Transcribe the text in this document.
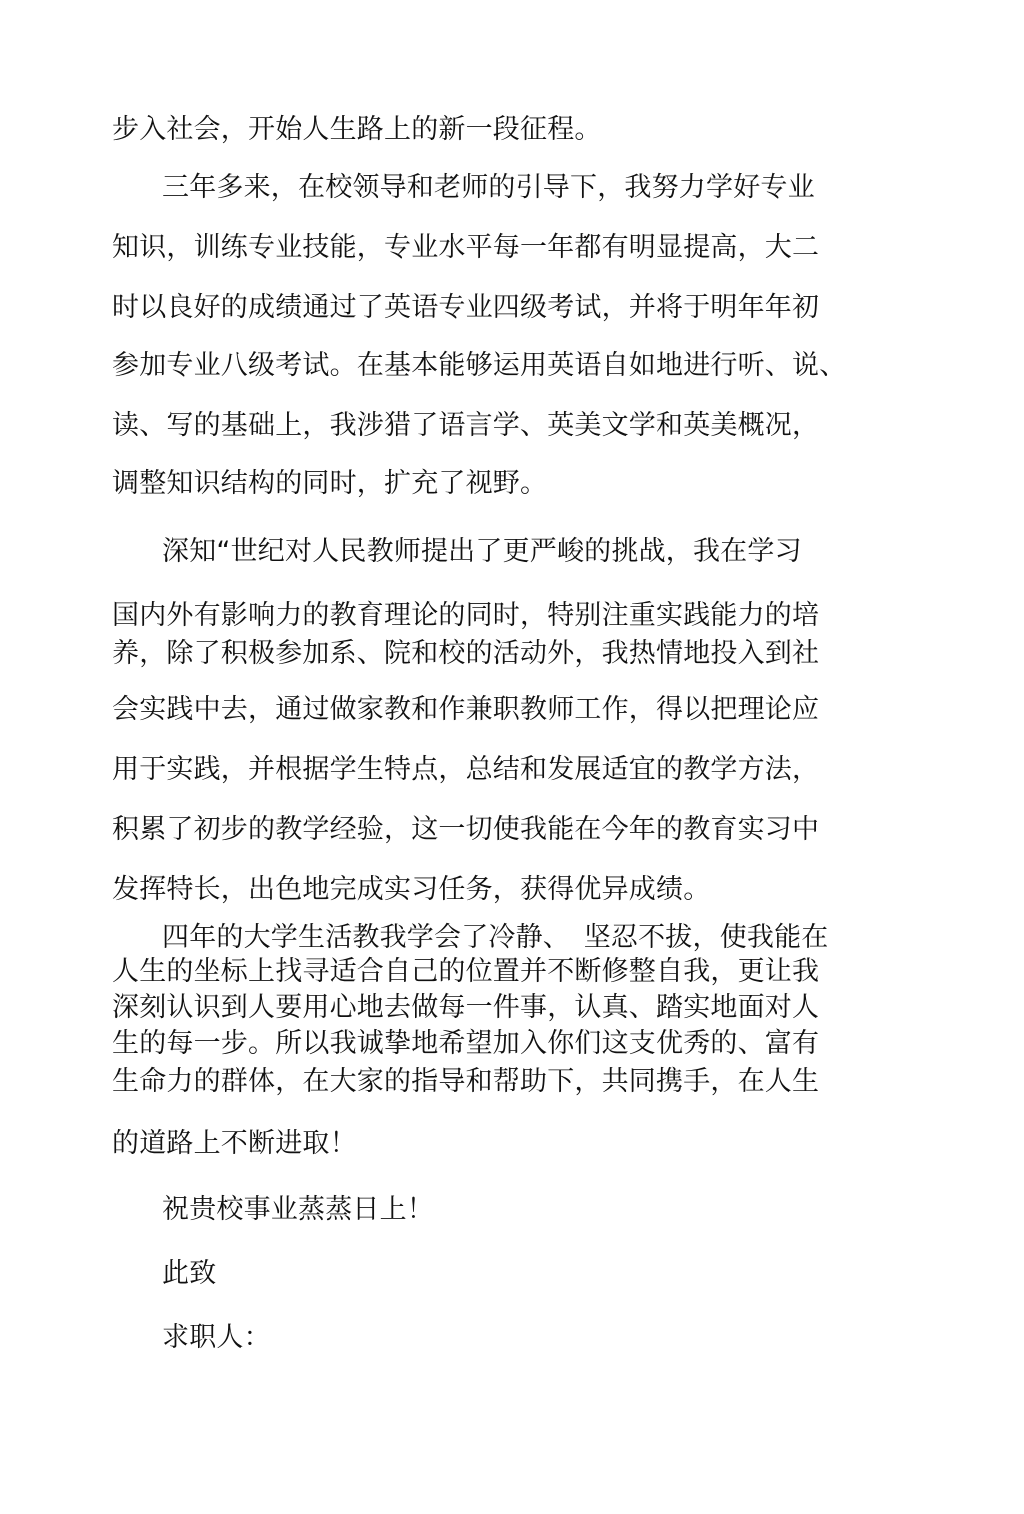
步入社会，开始人生路上的新一段征程。
三年多来，在校领导和老师的引导下，我努力学好专业
知识，训练专业技能，专业水平每一年都有明显提高，大二
时以良好的成绩通过了英语专业四级考试，并将于明年年初
参加专业八级考试。在基本能够运用英语自如地进行听、说、
读、写的基础上，我涉猎了语言学、英美文学和英美概况，
调整知识结构的同时，扩充了视野。
深知“世纪对人民教师提出了更严峻的挑战，我在学习
国内外有影响力的教育理论的同时，特别注重实践能力的培
养，除了积极参加系、院和校的活动外，我热情地投入到社
会实践中去，通过做家教和作兼职教师工作，得以把理论应
用于实践，并根据学生特点，总结和发展适宜的教学方法，
积累了初步的教学经验，这一切使我能在今年的教育实习中
发挥特长，出色地完成实习任务，获得优异成绩。
四年的大学生活教我学会了冷静、　坚忍不拔，使我能在
人生的坐标上找寻适合自己的位置并不断修整自我，更让我
深刻认识到人要用心地去做每一件事，认真、踏实地面对人
生的每一步。所以我诚挚地希望加入你们这支优秀的、富有
生命力的群体，在大家的指导和帮助下，共同携手，在人生
的道路上不断进取！
祝贵校事业蒸蒸日上！
此致
求职人：
